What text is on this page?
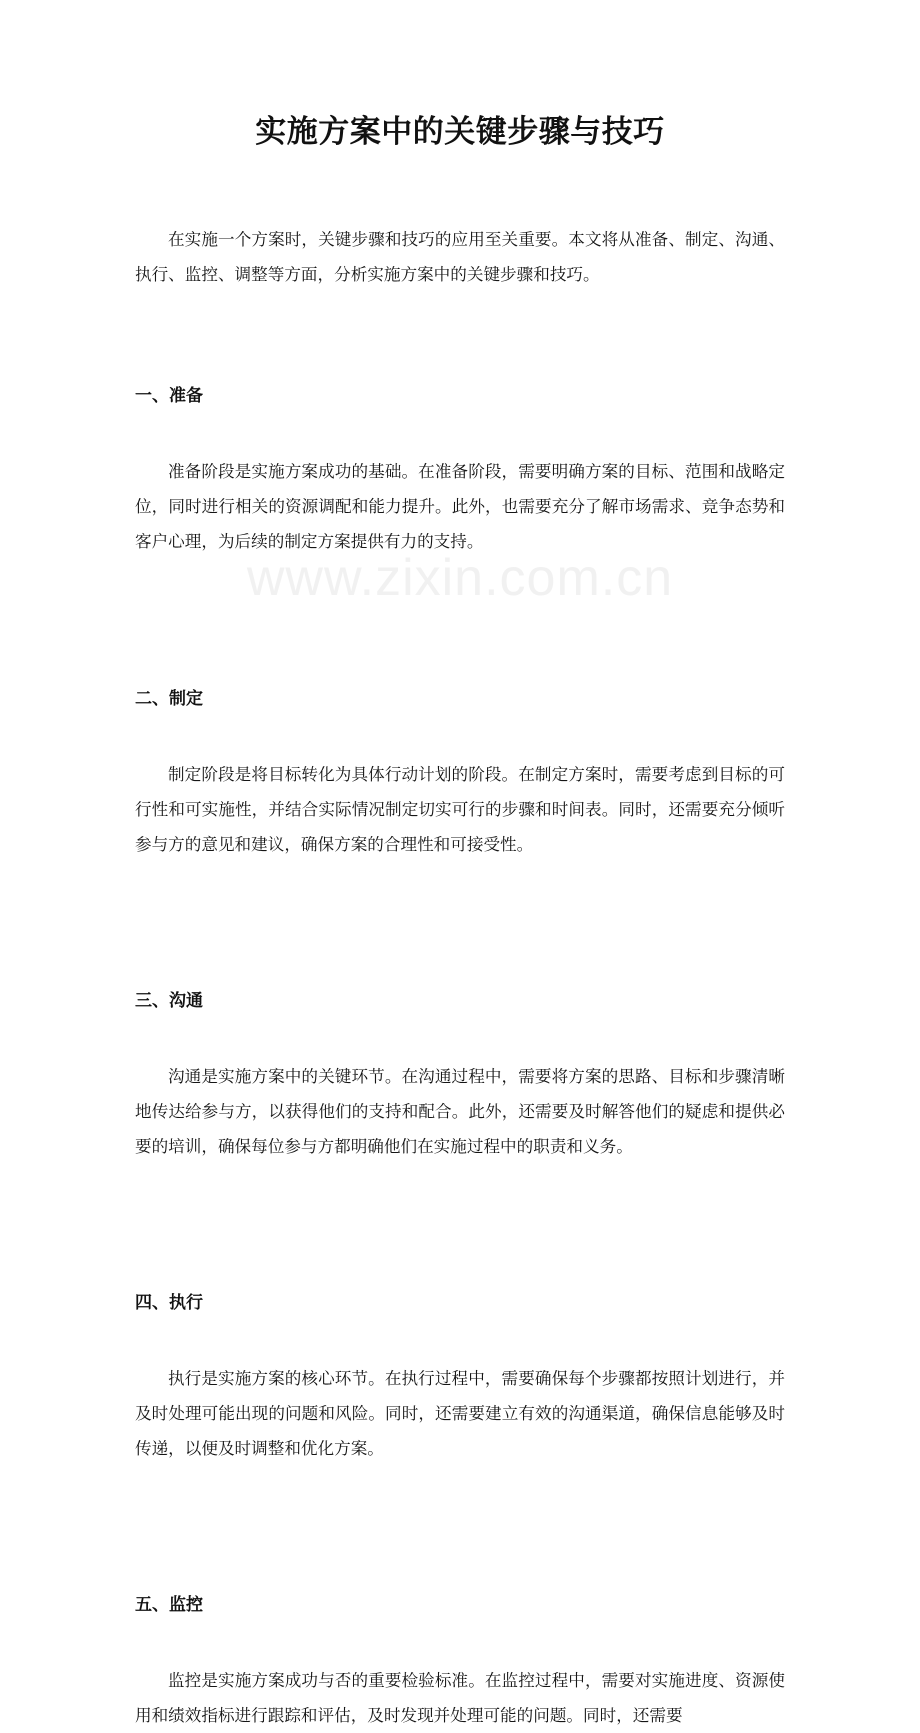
www.zixin.com.cn
实施方案中的关键步骤与技巧

在实施一个方案时，关键步骤和技巧的应用至关重要。本文将从准备、制定、沟通、执行、监控、调整等方面，分析实施方案中的关键步骤和技巧。

一、准备

准备阶段是实施方案成功的基础。在准备阶段，需要明确方案的目标、范围和战略定位，同时进行相关的资源调配和能力提升。此外，也需要充分了解市场需求、竞争态势和客户心理，为后续的制定方案提供有力的支持。

二、制定

制定阶段是将目标转化为具体行动计划的阶段。在制定方案时，需要考虑到目标的可行性和可实施性，并结合实际情况制定切实可行的步骤和时间表。同时，还需要充分倾听参与方的意见和建议，确保方案的合理性和可接受性。

三、沟通

沟通是实施方案中的关键环节。在沟通过程中，需要将方案的思路、目标和步骤清晰地传达给参与方，以获得他们的支持和配合。此外，还需要及时解答他们的疑虑和提供必要的培训，确保每位参与方都明确他们在实施过程中的职责和义务。

四、执行

执行是实施方案的核心环节。在执行过程中，需要确保每个步骤都按照计划进行，并及时处理可能出现的问题和风险。同时，还需要建立有效的沟通渠道，确保信息能够及时传递，以便及时调整和优化方案。

五、监控

监控是实施方案成功与否的重要检验标准。在监控过程中，需要对实施进度、资源使用和绩效指标进行跟踪和评估，及时发现并处理可能的问题。同时，还需要
